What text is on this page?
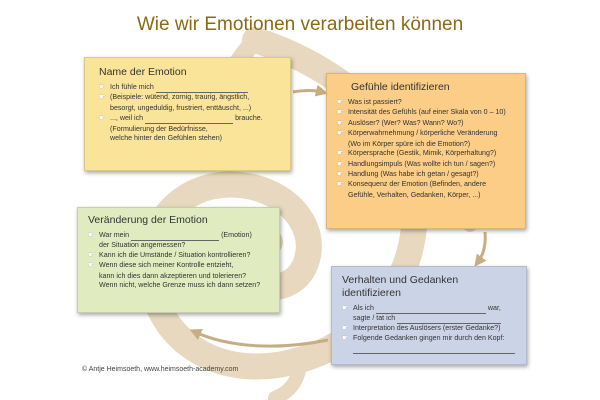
Wie wir Emotionen verarbeiten können
Name der Emotion
☛ Ich fühle mich
☛ (Beispiele: wütend, zornig, traurig, ängstlich,
besorgt, ungeduldig, frustriert, enttäuscht, ...)
☛ ..., weil ich	brauche.
(Formulierung der Bedürfnisse,
welche hinter den Gefühlen stehen)
Gefühle identifizieren
☛ Was ist passiert?
☛ Intensität des Gefühls (auf einer Skala von 0 – 10)
☛ Auslöser? (Wer? Was? Wann? Wo?)
☛ Körperwahrnehmung / körperliche Veränderung
(Wo im Körper spüre ich die Emotion?)
☛ Körpersprache (Gestik, Mimik, Körperhaltung?)
☛ Handlungsimpuls (Was wollte ich tun / sagen?)
☛ Handlung (Was habe ich getan / gesagt?)
☛ Konsequenz der Emotion (Befinden, andere
Gefühle, Verhalten, Gedanken, Körper, ...)
Veränderung der Emotion
☛ War mein	(Emotion)
der Situation angemessen?
☛ Kann ich die Umstände / Situation kontrollieren?
☛ Wenn diese sich meiner Kontrolle entzieht,
kann ich dies dann akzeptieren und tolerieren?
Wenn nicht, welche Grenze muss ich dann setzen?	Verhalten und Gedanken identifizieren
☛ Als ich	war,
sagte / tat ich
☛ Interpretation des Auslösers (erster Gedanke?)
☛ Folgende Gedanken gingen mir durch den Kopf:
© Antje Heimsoeth, www.heimsoeth-academy.com
